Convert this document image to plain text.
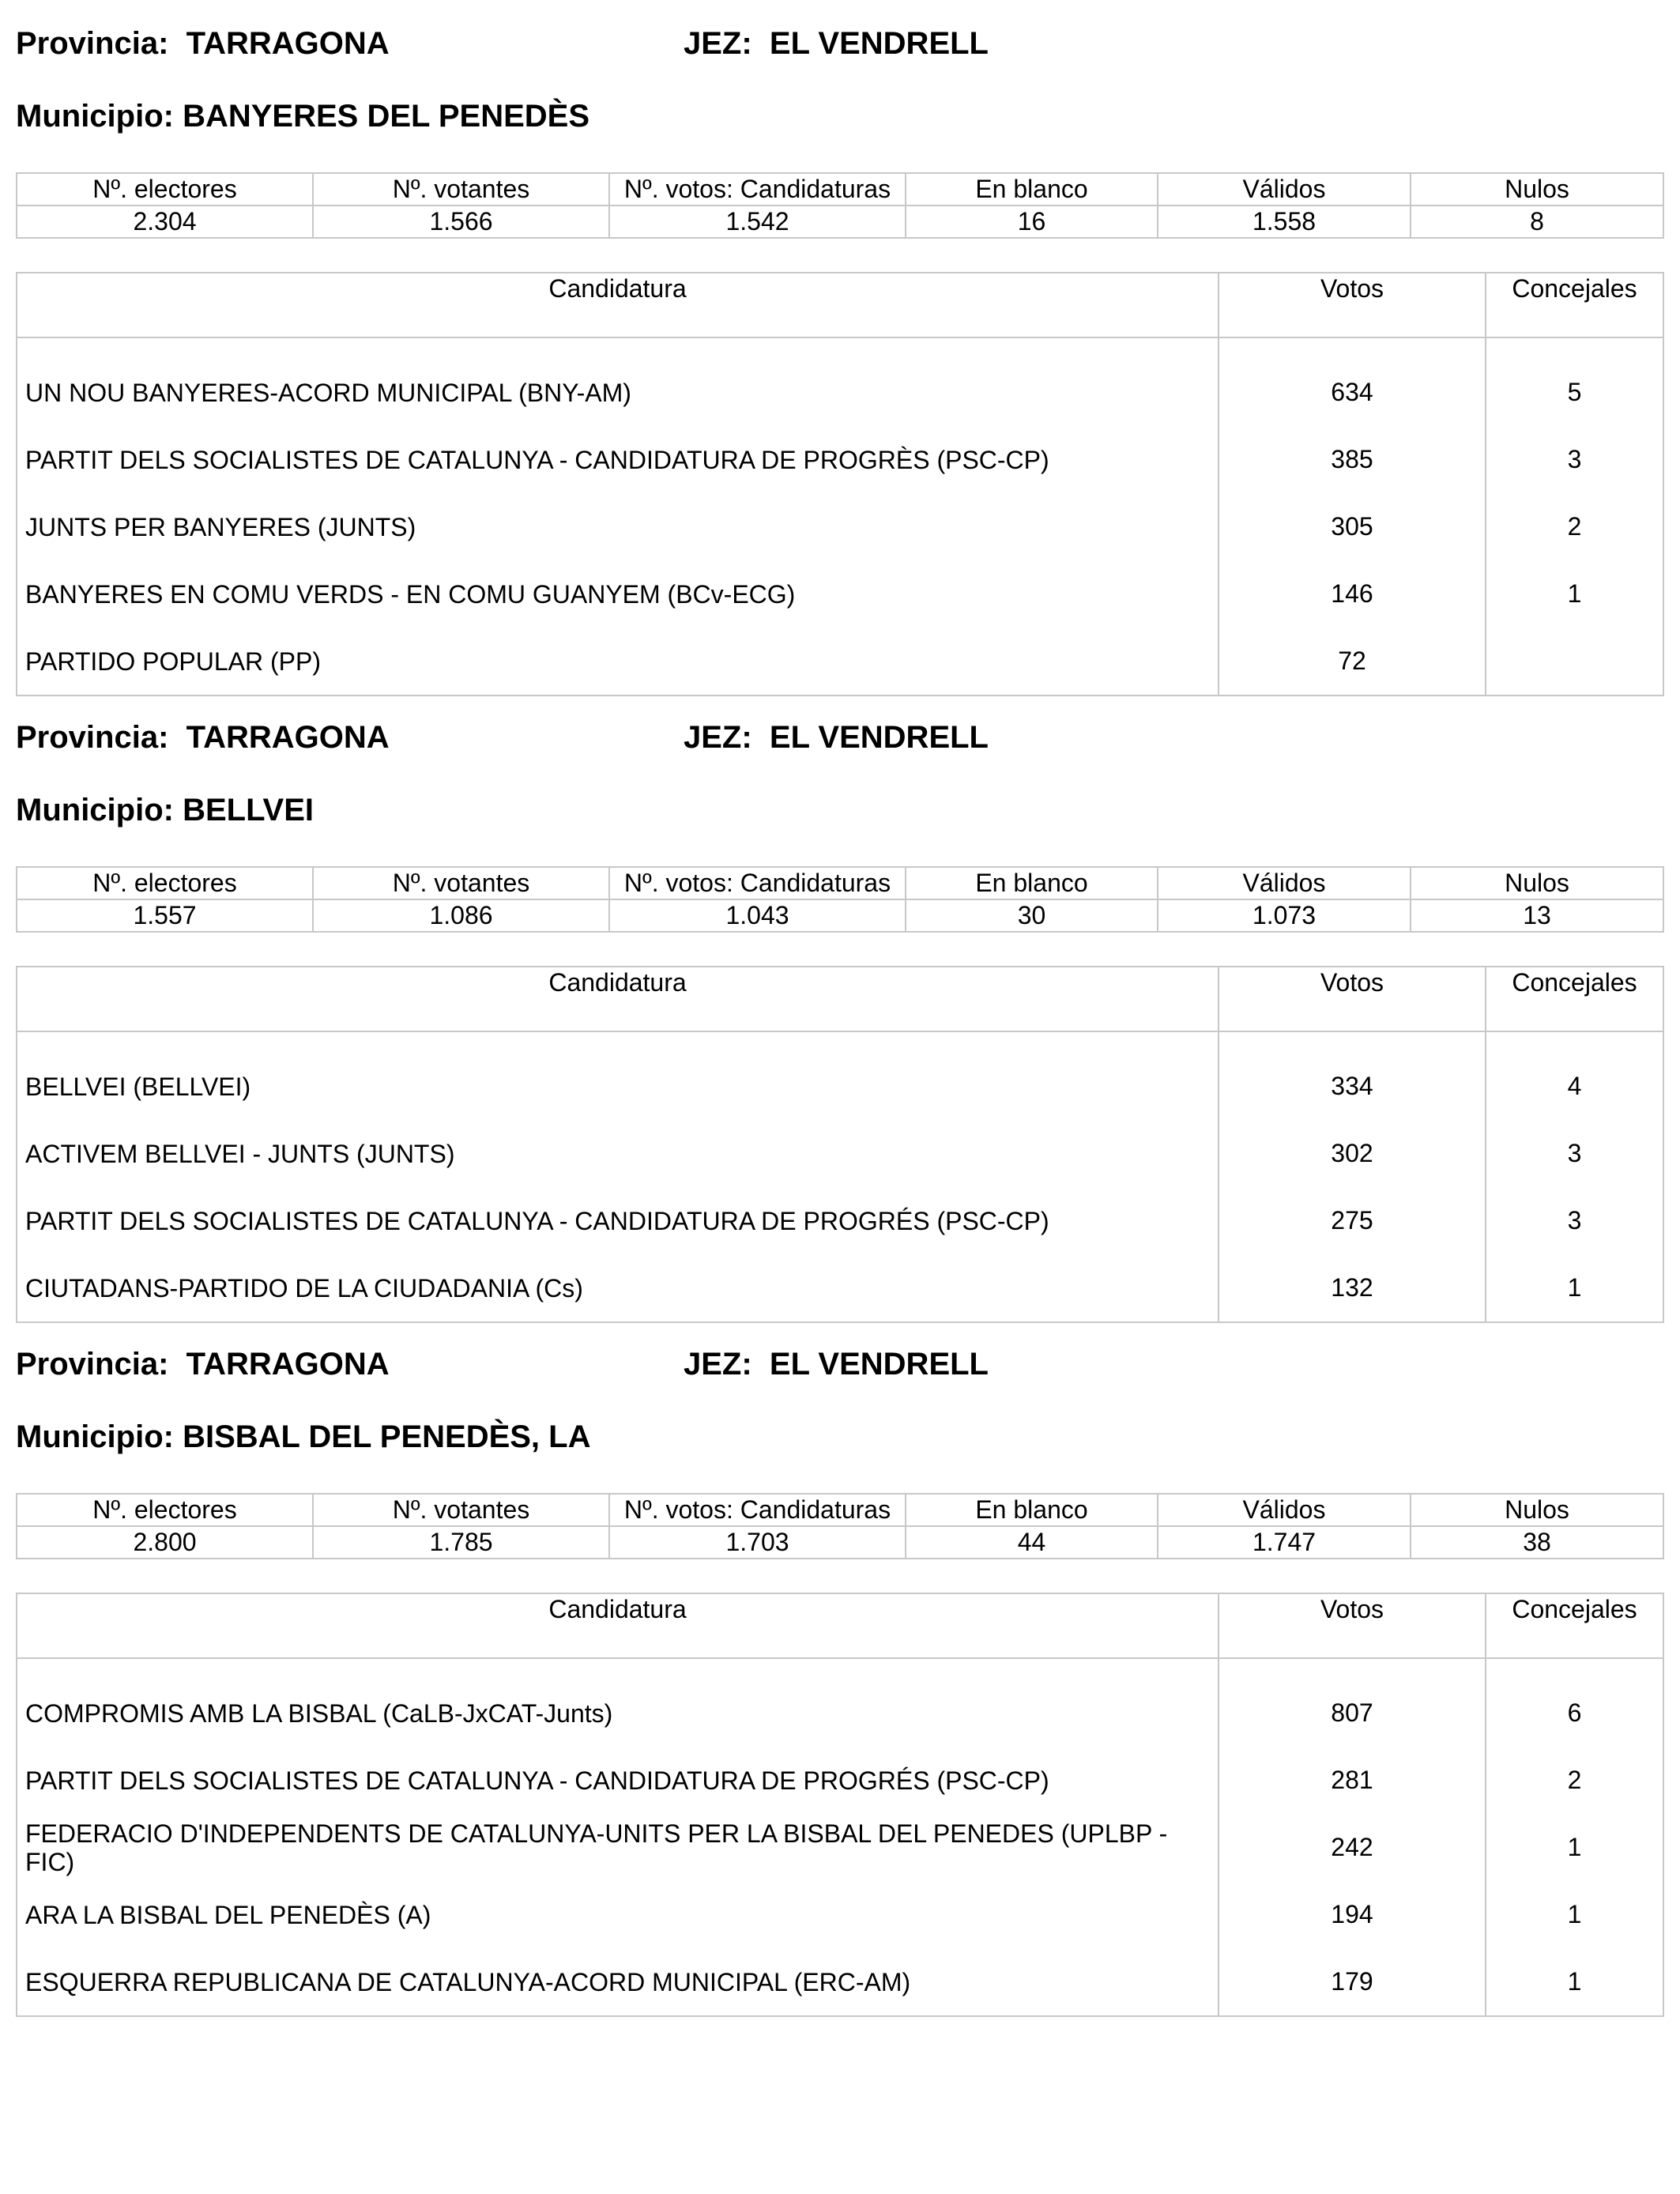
Provincia: TARRAGONA	JEZ: EL VENDRELL
Municipio: BANYERES DEL PENEDÈS
Nº. electores	Nº. votantes	Nº. votos: Candidaturas	En blanco	Válidos	Nulos
2.304	1.566	1.542	16	1.558	8
Candidatura	Votos	Concejales

UN NOU BANYERES-ACORD MUNICIPAL (BNY-AM)	634	5
PARTIT DELS SOCIALISTES DE CATALUNYA - CANDIDATURA DE PROGRÈS (PSC-CP)	385	3
JUNTS PER BANYERES (JUNTS)	305	2
BANYERES EN COMU VERDS - EN COMU GUANYEM (BCv-ECG)	146	1
PARTIDO POPULAR (PP)	72	
Provincia: TARRAGONA	JEZ: EL VENDRELL
Municipio: BELLVEI
Nº. electores	Nº. votantes	Nº. votos: Candidaturas	En blanco	Válidos	Nulos
1.557	1.086	1.043	30	1.073	13
Candidatura	Votos	Concejales

BELLVEI (BELLVEI)	334	4
ACTIVEM BELLVEI - JUNTS (JUNTS)	302	3
PARTIT DELS SOCIALISTES DE CATALUNYA - CANDIDATURA DE PROGRÉS (PSC-CP)	275	3
CIUTADANS-PARTIDO DE LA CIUDADANIA (Cs)	132	1
Provincia: TARRAGONA	JEZ: EL VENDRELL
Municipio: BISBAL DEL PENEDÈS, LA
Nº. electores	Nº. votantes	Nº. votos: Candidaturas	En blanco	Válidos	Nulos
2.800	1.785	1.703	44	1.747	38
Candidatura	Votos	Concejales

COMPROMIS AMB LA BISBAL (CaLB-JxCAT-Junts)	807	6
PARTIT DELS SOCIALISTES DE CATALUNYA - CANDIDATURA DE PROGRÉS (PSC-CP)	281	2
FEDERACIO D'INDEPENDENTS DE CATALUNYA-UNITS PER LA BISBAL DEL PENEDES (UPLBP - FIC)	242	1
ARA LA BISBAL DEL PENEDÈS (A)	194	1
ESQUERRA REPUBLICANA DE CATALUNYA-ACORD MUNICIPAL (ERC-AM)	179	1
